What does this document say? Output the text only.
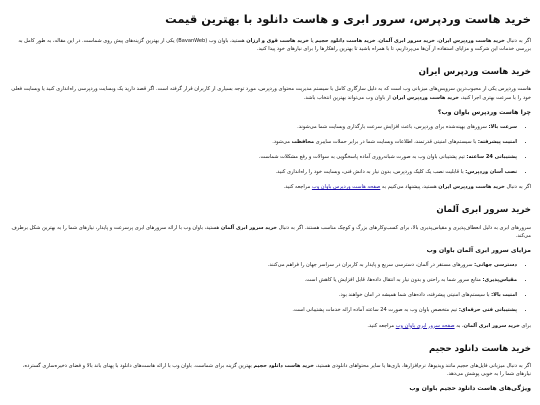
خرید هاست وردپرس، سرور ابری و هاست دانلود با بهترین قیمت

اگر به دنبال خرید هاست وردپرس ایران، خرید سرور ابری آلمان، خرید هاست دانلود حجیم یا خرید هاست قوی و ارزان هستید، باوان وب (BavanWeb) یکی از بهترین گزینه‌های پیش روی شماست. در این مقاله، به طور کامل به بررسی خدمات این شرکت و مزایای استفاده از آن‌ها می‌پردازیم، تا با همراه باشید تا بهترین راهکارها را برای نیازهای خود پیدا کنید.

خرید هاست وردپرس ایران

هاست وردپرس یکی از محبوب‌ترین سرویس‌های میزبانی وب است که به دلیل سازگاری کامل با سیستم مدیریت محتوای وردپرس، مورد توجه بسیاری از کاربران قرار گرفته است. اگر قصد دارید یک وبسایت وردپرسی راه‌اندازی کنید یا وبسایت فعلی خود را با سرعت بهتری اجرا کنید، خرید هاست وردپرس ایران از باوان وب می‌تواند بهترین انتخاب باشد.

چرا هاست وردپرس باوان وب؟
• سرعت بالا: سرورهای بهینه‌شده برای وردپرس، باعث افزایش سرعت بارگذاری وبسایت شما می‌شوند.
• امنیت پیشرفته: با سیستم‌های امنیتی قدرتمند، اطلاعات وبسایت شما در برابر حملات سایبری محافظت می‌شود.
• پشتیبانی 24 ساعته: تیم پشتیبانی باوان وب به صورت شبانه‌روزی آماده پاسخگویی به سوالات و رفع مشکلات شماست.
• نصب آسان وردپرس: با قابلیت نصب یک کلیک وردپرس، بدون نیاز به دانش فنی، وبسایت خود را راه‌اندازی کنید.

اگر به دنبال خرید هاست وردپرس ایران هستید، پیشنهاد می‌کنیم به صفحه هاست وردپرس باوان وب مراجعه کنید.

خرید سرور ابری آلمان

سرورهای ابری به دلیل انعطاف‌پذیری و مقیاس‌پذیری بالا، برای کسب‌وکارهای بزرگ و کوچک مناسب هستند. اگر به دنبال خرید سرور ابری آلمان هستید، باوان وب با ارائه سرورهای ابری پرسرعت و پایدار، نیازهای شما را به بهترین شکل برطرف می‌کند.

مزایای سرور ابری آلمان باوان وب
• دسترسی جهانی: سرورهای مستقر در آلمان، دسترسی سریع و پایدار به کاربران در سراسر جهان را فراهم می‌کنند.
• مقیاس‌پذیری: منابع سرور شما به راحتی و بدون نیاز به انتقال داده‌ها، قابل افزایش یا کاهش است.
• امنیت بالا: با سیستم‌های امنیتی پیشرفته، داده‌های شما همیشه در امان خواهند بود.
• پشتیبانی فنی حرفه‌ای: تیم متخصص باوان وب به صورت 24 ساعته آماده ارائه خدمات پشتیبانی است.

برای خرید سرور ابری آلمان، به صفحه سرور ابری باوان وب مراجعه کنید.

خرید هاست دانلود حجیم

اگر به دنبال میزبانی فایل‌های حجیم مانند ویدیوها، نرم‌افزارها، بازی‌ها یا سایر محتواهای دانلودی هستید، خرید هاست دانلود حجیم بهترین گزینه برای شماست. باوان وب با ارائه هاست‌های دانلود با پهنای باند بالا و فضای ذخیره‌سازی گسترده، نیازهای شما را به خوبی پوشش می‌دهد.

ویژگی‌های هاست دانلود حجیم باوان وب
